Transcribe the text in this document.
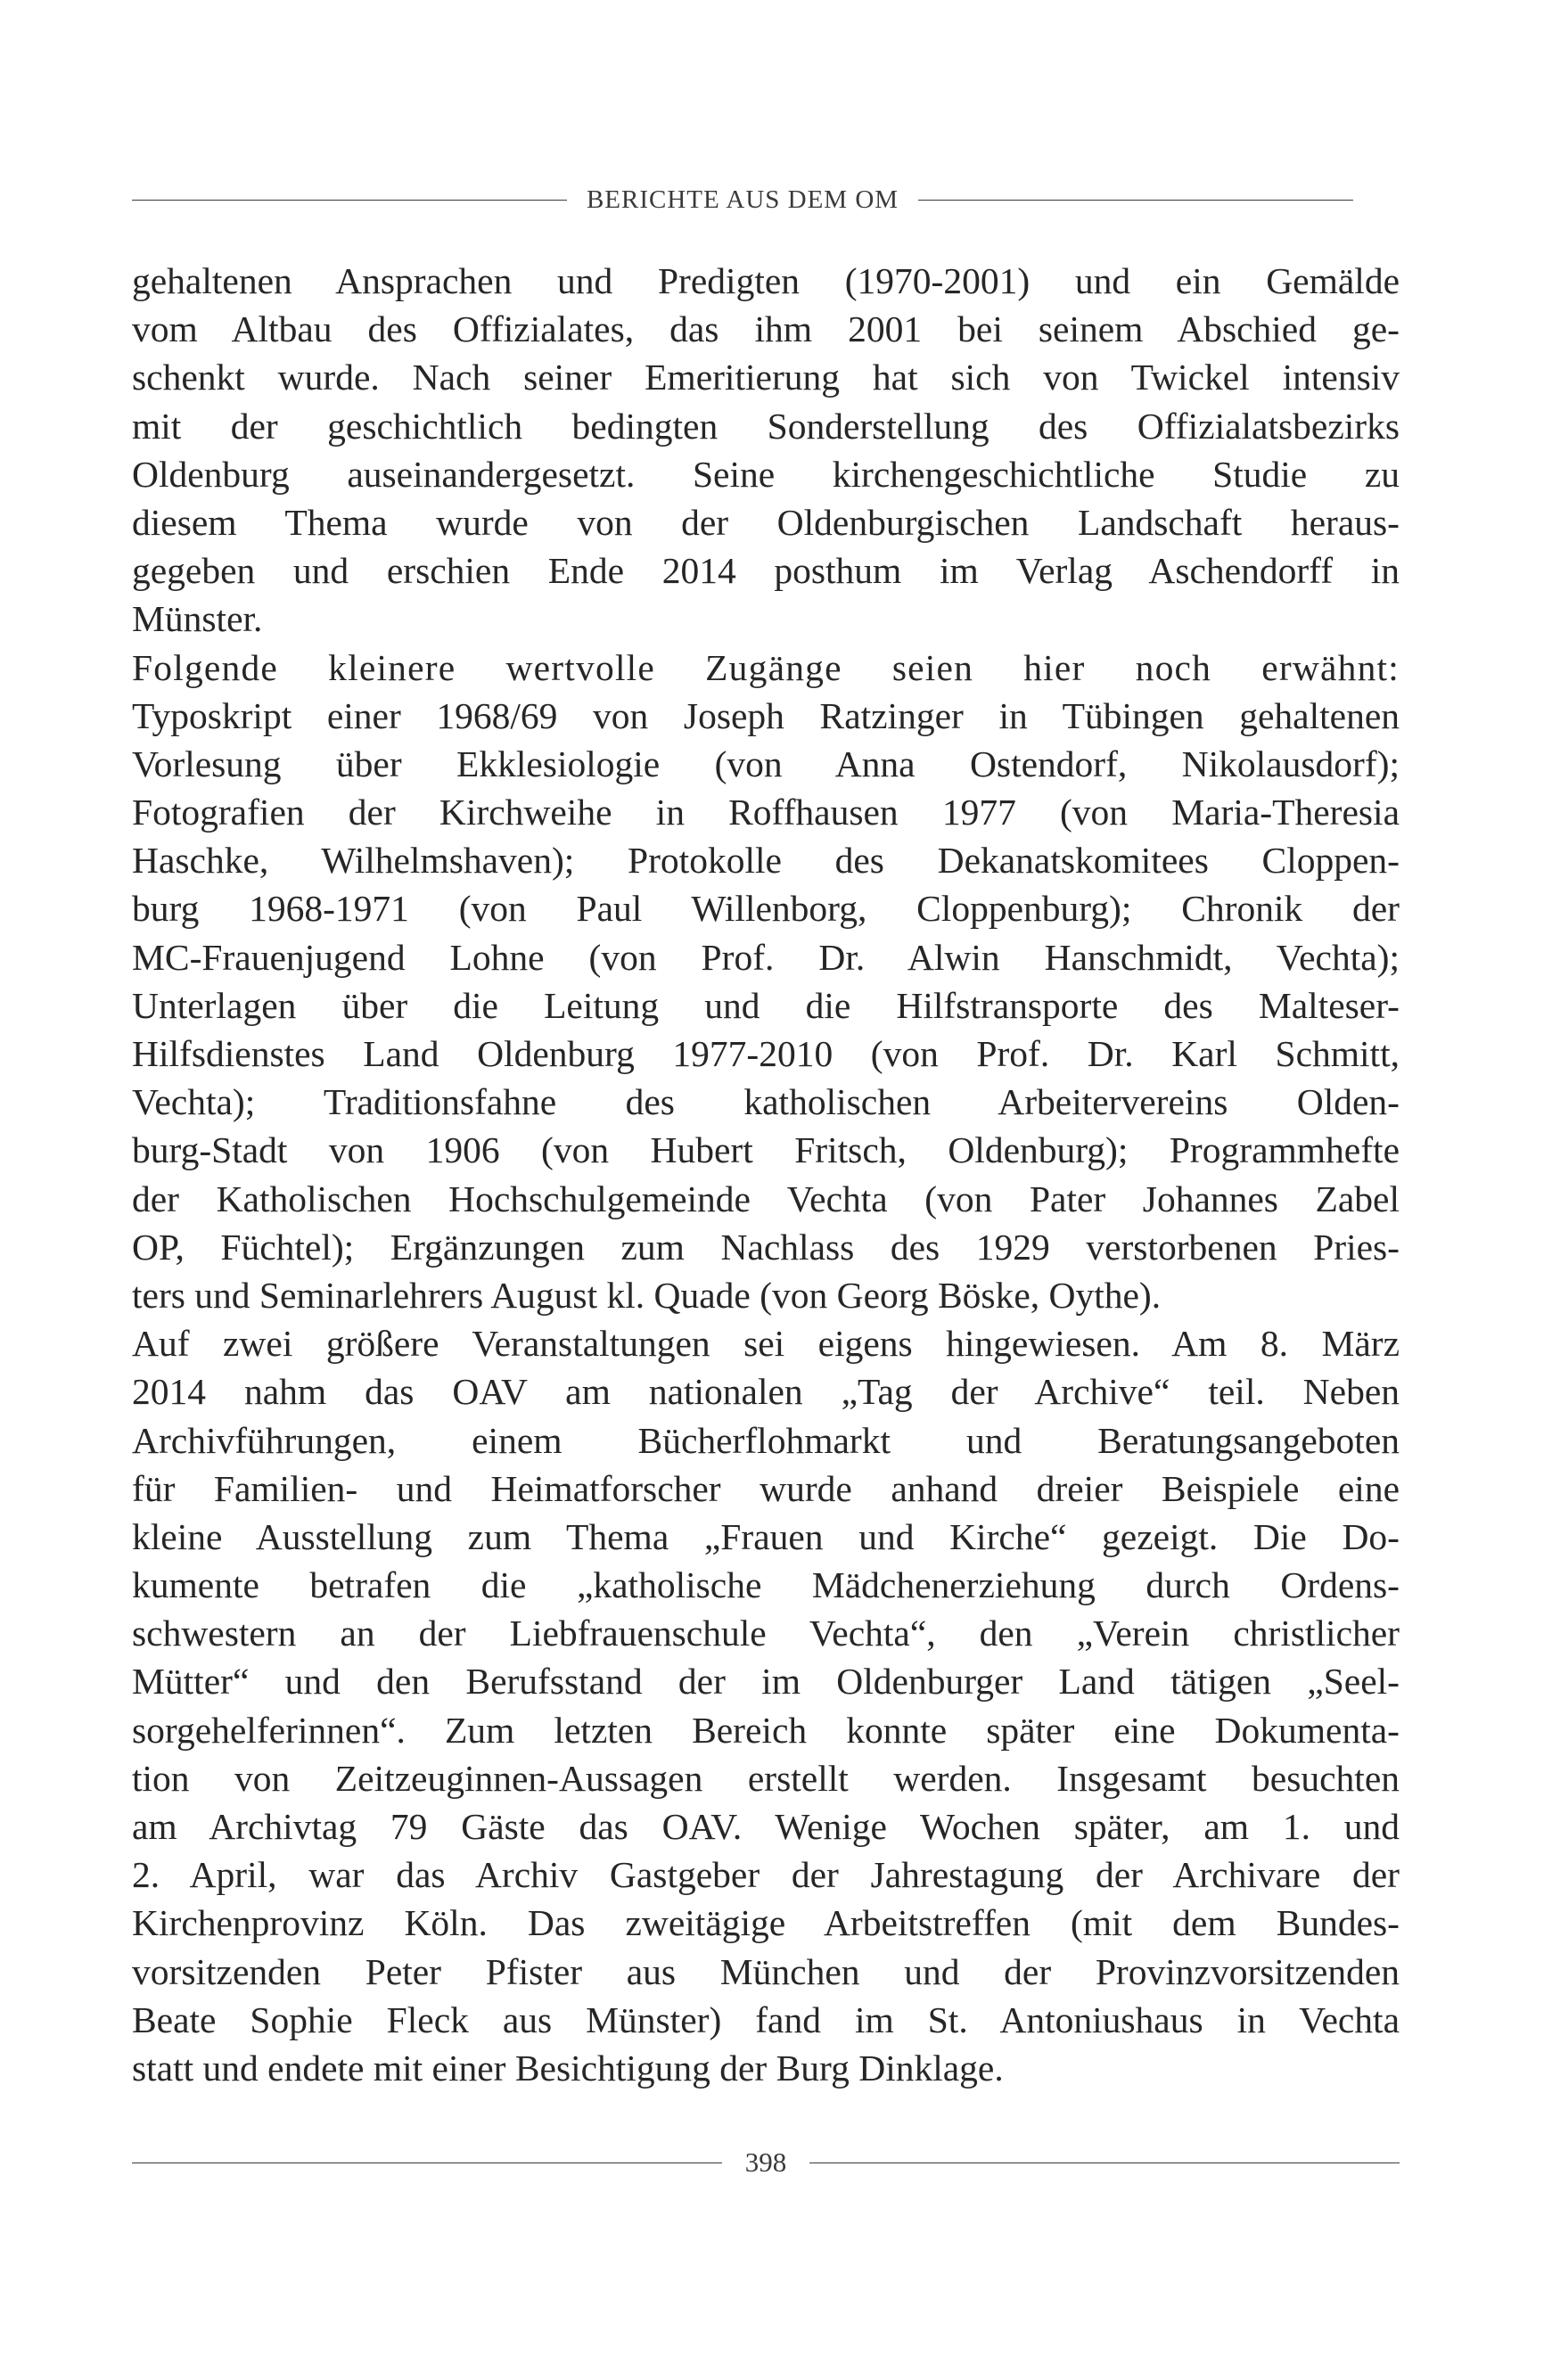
BERICHTE AUS DEM OM
gehaltenen Ansprachen und Predigten (1970-2001) und ein Gemälde
vom Altbau des Offizialates, das ihm 2001 bei seinem Abschied ge-
schenkt wurde. Nach seiner Emeritierung hat sich von Twickel intensiv
mit der geschichtlich bedingten Sonderstellung des Offizialatsbezirks
Oldenburg auseinandergesetzt. Seine kirchengeschichtliche Studie zu
diesem Thema wurde von der Oldenburgischen Landschaft heraus-
gegeben und erschien Ende 2014 posthum im Verlag Aschendorff in
Münster.
Folgende kleinere wertvolle Zugänge seien hier noch erwähnt:
Typoskript einer 1968/69 von Joseph Ratzinger in Tübingen gehaltenen
Vorlesung über Ekklesiologie (von Anna Ostendorf, Nikolausdorf);
Fotografien der Kirchweihe in Roffhausen 1977 (von Maria-Theresia
Haschke, Wilhelmshaven); Protokolle des Dekanatskomitees Cloppen-
burg 1968-1971 (von Paul Willenborg, Cloppenburg); Chronik der
MC-Frauenjugend Lohne (von Prof. Dr. Alwin Hanschmidt, Vechta);
Unterlagen über die Leitung und die Hilfstransporte des Malteser-
Hilfsdienstes Land Oldenburg 1977-2010 (von Prof. Dr. Karl Schmitt,
Vechta); Traditionsfahne des katholischen Arbeitervereins Olden-
burg-Stadt von 1906 (von Hubert Fritsch, Oldenburg); Programmhefte
der Katholischen Hochschulgemeinde Vechta (von Pater Johannes Zabel
OP, Füchtel); Ergänzungen zum Nachlass des 1929 verstorbenen Pries-
ters und Seminarlehrers August kl. Quade (von Georg Böske, Oythe).
Auf zwei größere Veranstaltungen sei eigens hingewiesen. Am 8. März
2014 nahm das OAV am nationalen „Tag der Archive“ teil. Neben
Archivführungen, einem Bücherflohmarkt und Beratungsangeboten
für Familien- und Heimatforscher wurde anhand dreier Beispiele eine
kleine Ausstellung zum Thema „Frauen und Kirche“ gezeigt. Die Do-
kumente betrafen die „katholische Mädchenerziehung durch Ordens-
schwestern an der Liebfrauenschule Vechta“, den „Verein christlicher
Mütter“ und den Berufsstand der im Oldenburger Land tätigen „Seel-
sorgehelferinnen“. Zum letzten Bereich konnte später eine Dokumenta-
tion von Zeitzeuginnen-Aussagen erstellt werden. Insgesamt besuchten
am Archivtag 79 Gäste das OAV. Wenige Wochen später, am 1. und
2. April, war das Archiv Gastgeber der Jahrestagung der Archivare der
Kirchenprovinz Köln. Das zweitägige Arbeitstreffen (mit dem Bundes-
vorsitzenden Peter Pfister aus München und der Provinzvorsitzenden
Beate Sophie Fleck aus Münster) fand im St. Antoniushaus in Vechta
statt und endete mit einer Besichtigung der Burg Dinklage.
398
